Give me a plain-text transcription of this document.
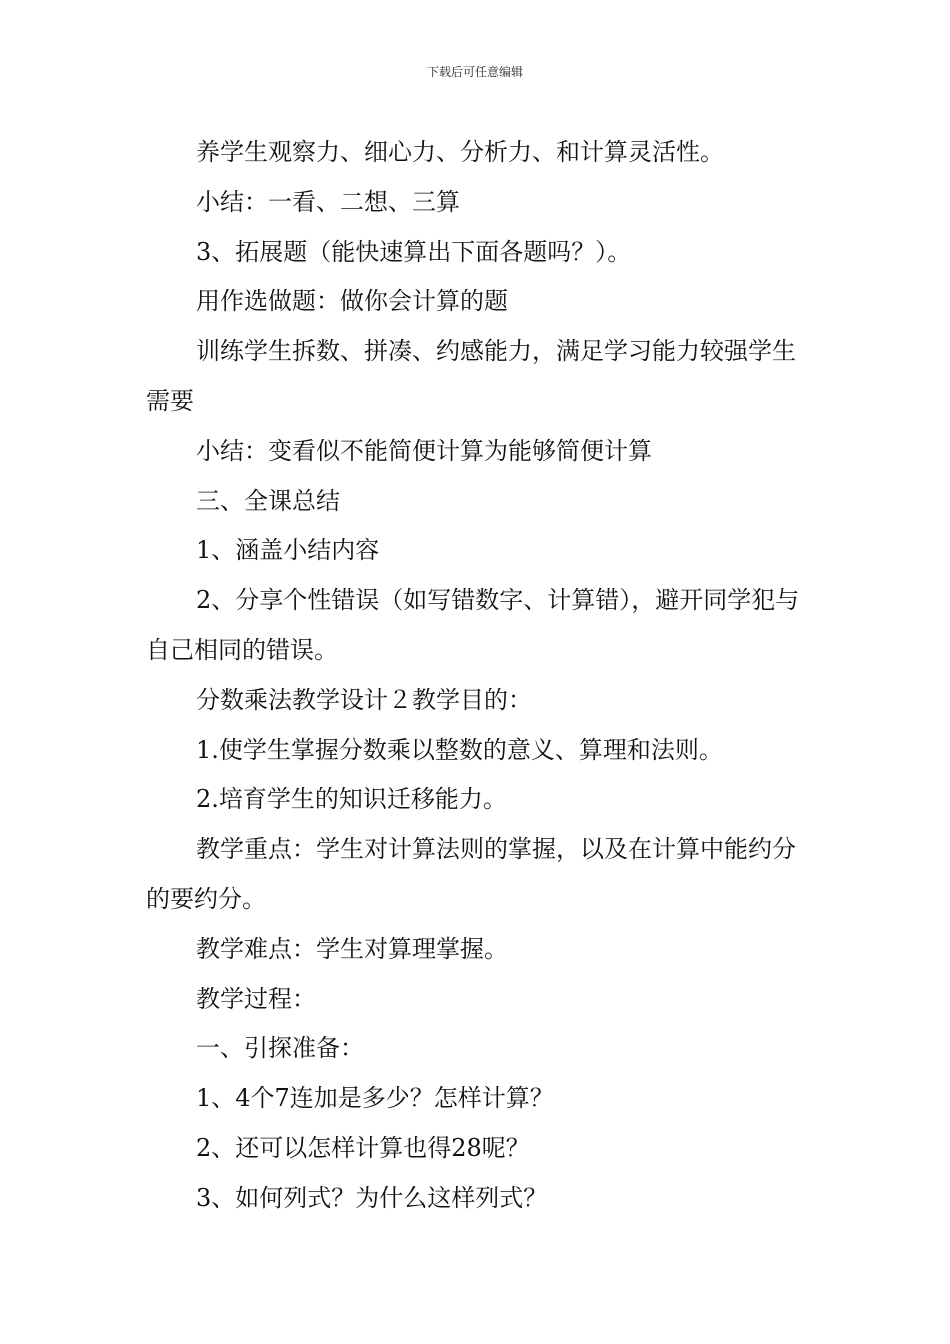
下载后可任意编辑

养学生观察力、细心力、分析力、和计算灵活性。

小结：一看、二想、三算

3、拓展题（能快速算出下面各题吗？）。

用作选做题：做你会计算的题

训练学生拆数、拼凑、约感能力，满足学习能力较强学生需要

小结：变看似不能简便计算为能够简便计算

三、全课总结

1、涵盖小结内容

2、分享个性错误（如写错数字、计算错），避开同学犯与自己相同的错误。

分数乘法教学设计２教学目的：

1.使学生掌握分数乘以整数的意义、算理和法则。

2.培育学生的知识迁移能力。

教学重点：学生对计算法则的掌握，以及在计算中能约分的要约分。

教学难点：学生对算理掌握。

教学过程：

一、引探准备：

1、4个7连加是多少？怎样计算？

2、还可以怎样计算也得28呢？

3、如何列式？为什么这样列式？
